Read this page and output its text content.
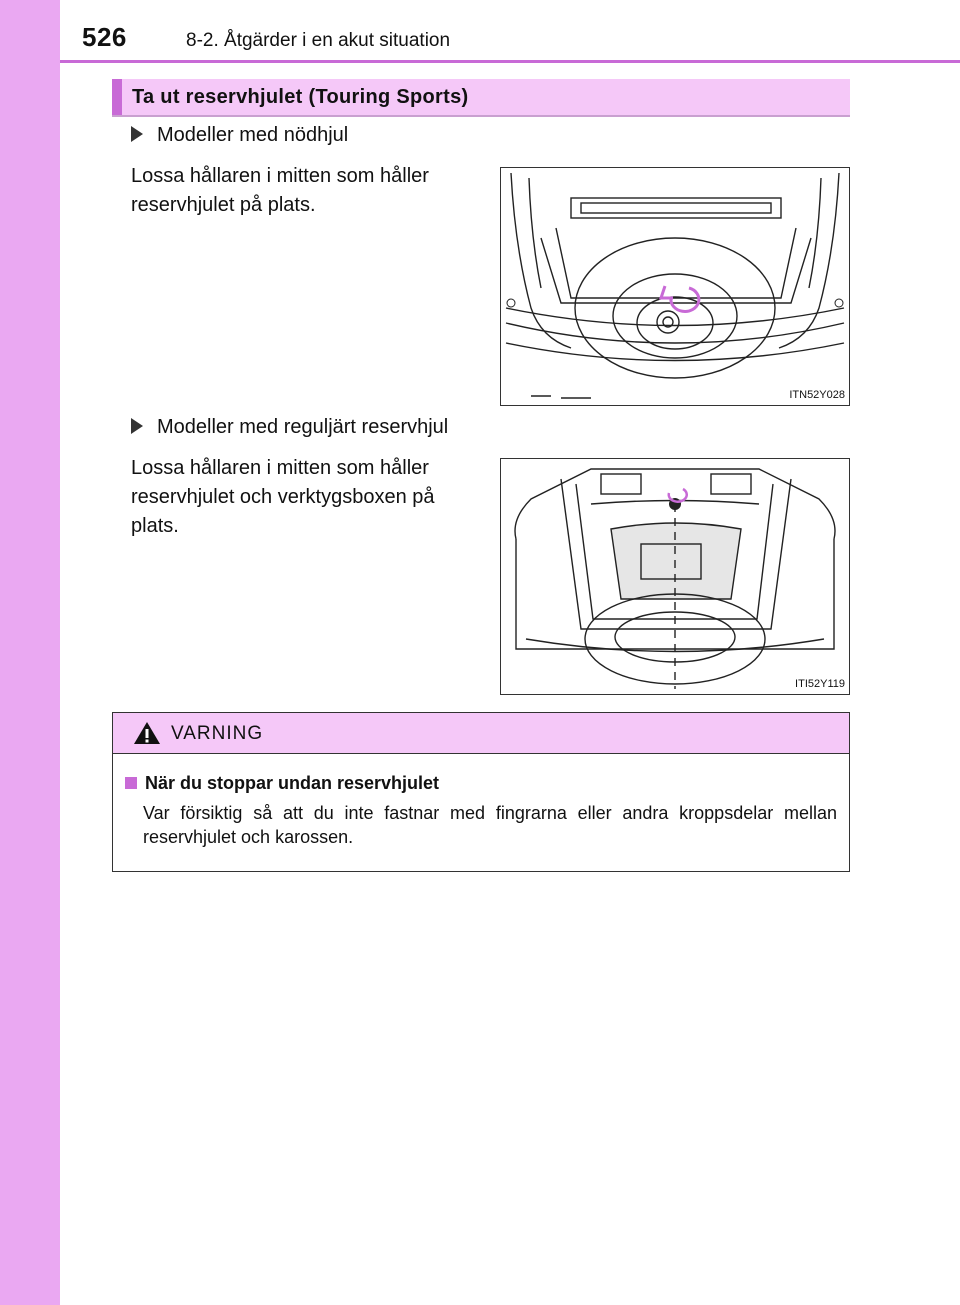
526	8-2. Åtgärder i en akut situation
Ta ut reservhjulet (Touring Sports)
Modeller med nödhjul
Lossa hållaren i mitten som håller reservhjulet på plats.
ITN52Y028
Modeller med reguljärt reservhjul
Lossa hållaren i mitten som håller reservhjulet och verktygsboxen på plats.
ITI52Y119
VARNING
När du stoppar undan reservhjulet
Var försiktig så att du inte fastnar med fingrarna eller andra kroppsdelar mellan reservhjulet och karossen.
